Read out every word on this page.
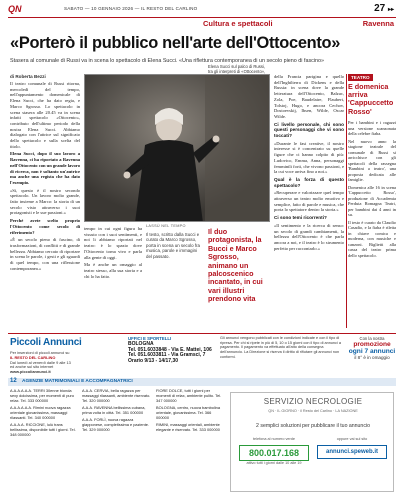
QN	SABATO — 10 GENNAIO 2026 — IL RESTO DEL CARLINO	27 ▸▸
Cultura e spettacoli	Ravenna
«Porterò il pubblico nell'arte dell'Ottocento»
Stasera al comunale di Russi va in scena lo spettacolo di Elena Succi. «Una riflettura contemporanea di un secolo pieno di fascino»
di Roberta Bezzi

Il teatro comunale di Russi ritorna, mercoledì del tempo, nell'appuntamento domenicale di Elena Succi, che ha dato regia, e Marco Sgrosso. Lo spettacolo in scena stasera alle 20.45 va in scena infatti spettacolo «Ottocento», contributo dell'ultimo periodo della nostra Elena Succi. Abbiamo dialogato con l'attrice sul significato dello spettacolo e sulla scelta del titolo.

Elena Succi, dopo il suo lavoro a Ravenna, ci ha riportato a Ravenna nell'Ottocento con un grande lavoro di ricerca, non è soltanto un'autrice ma anche una regista che ha dato l'esempio.

«Sì, questo è il nostro secondo spettacolo. Un lavoro molto grande, fatto insieme a Marco: la storia di un secolo visto attraverso i suoi protagonisti e le sue passioni.»

Perché avete scelto proprio l'Ottocento come secolo di riferimento?

«È un secolo pieno di fascino, di trasformazioni, di conflitti e di grande bellezza. Abbiamo cercato di riportare in scena le parole, i gesti e gli sguardi di quel tempo, con una riflessione contemporanea.»

Elena Succi sul palco di Russi, tra gli interpreti di «Ottocento»,

tempo in cui ogni figura ha vissuto con i suoi sentimenti, e noi li abbiamo riportati nel teatro: è lo spazio dove l'Ottocento torna vivo e parla alla gente di oggi.

Ma è anche un omaggio al teatro stesso, alla sua storia e a chi lo ha fatto.

LASSÙ NEL TEMPO
Il testo, scritto dalla Succi e curato da Marco Sgrosso, porta in scena un secolo fra musica, parole e immagini del passato.
Il duo protagonista, la Bucci e Marco Sgrosso, animano un palcoscenico incantato, in cui vari illustri prendono vita

della Francia parigina e quello dell'Inghilterra di Dickens e della Russia: in scena dove la grande letteratura dell'Ottocento, Balzac, Zola, Poe, Baudelaire, Flaubert, Tolstoj, Hugo, e ancora Cechov, Dostoevskij, Ibsen, Wilde, Oscar Wilde.

Ci livello personale, chi sono questi personaggi che vi sono toccati?

«Durante le fasi creative, il nostro interesse si è concentrato su quelle figure che ci hanno colpito di più: Ludovico, Emma, Anna, personaggi femminili forti, che vivono passioni, e la cui voce arriva fino a noi.»

Qual è la forza di questo spettacolo?

«Recuperare e valorizzare quel tempo attraverso un teatro molto emotivo e semplice, fatto di parole e musica, che porta lo spettatore dentro la storia.»

Ci sono temi ricorrenti?

«Il sentimento e la ricerca di senso: un secolo di grandi cambiamenti, la bellezza dell'Ottocento è che parla ancora a noi, e il teatro è lo strumento perfetto per raccontarlo.»

TEATRO
E domenica arriva 'Cappuccetto Rosso'

Per i bambini e i ragazzi una versione scanzonata della celebre fiaba.

Nel nuovo anno la stagione teatrale del comunale di Russi si arricchisce con gli spettacoli della rassegna 'Bambini a teatro', una proposta dedicata alle famiglie.

Domenica alle 16 in scena 'Cappuccetto Rosso', produzione di Accademia Perduta Romagna Teatri, per bambini dai 4 anni in su.

Il testo è curato da Claudio Casadio, e la fiaba è riletta in chiave comica e moderna, con musiche e canzoni. Biglietti alla cassa del teatro prima dello spettacolo.

Piccoli Annunci
Per inserzioni di piccoli annunci su
IL RESTO DEL CARLINO
Dal lunedì al venerdì dalle 9 alle 13
ed anche sul sito internet
www.piccoliannunci.it
UFFICI E SPORTELLI
BOLOGNA
Tel. 051.6033848 - Via E. Mattei, 106
Tel. 051.6033811 - Via Gramsci, 7
Orario 9/13 - 14/17,30
Gli annunci vengono pubblicati con le condizioni indicate e con il tipo di ripresa. Per chi si ripete in più di 5, 10 o 15 giorni con il tipo di annunci a pagamento. Il pagamento va effettuato all'atto della consegna dell'annuncio. La Direzione si riserva il diritto di rifiutare gli annunci non conformi.
Con la nostra
promozione
ogni 7 annunci
il 8° è in omaggio
12 AGENZIE MATRIMONIALI E ACCOMPAGNATRICI

A.A.A.A.A.A. TERRI 30enne bionda sexy dolcissima, per momenti di puro relax. Tel. 333 000000

A.A.A.A.A.A. Rimini nuova ragazza orientale giovanissima, massaggi rilassanti. Tel. 340 000000

A.A.A.A. RICCIONE, lulù trans bellissima, disponibile tutti i giorni. Tel. 348 000000

A.A.A. CERVIA, bella ragazza per massaggi rilassanti, ambiente riservato. Tel. 320 000000

A.A.A. RAVENNA bellissima cubana, prima volta in città. Tel. 351 000000

A.A.A. FORLÌ, nuova ragazza giapponese, completissima e paziente. Tel. 329 000000

FIORE DOLCE, tutti i giorni per momenti di relax, ambiente pulito. Tel. 347 000000

BOLOGNA, centro, nuova bambolina orientale, giovanissima. Tel. 366 000000

RIMINI, massaggi orientali, ambiente elegante e riservato. Tel. 333 000000

SERVIZIO NECROLOGIE
QN · IL GIORNO · il Resto del Carlino · LA NAZIONE
2 semplici soluzioni per pubblicare il tuo annuncio
telefona al numero verde
800.017.168
attivo tutti i giorni dalle 10 alle 19
oppure vai sul sito
annunci.speweb.it
